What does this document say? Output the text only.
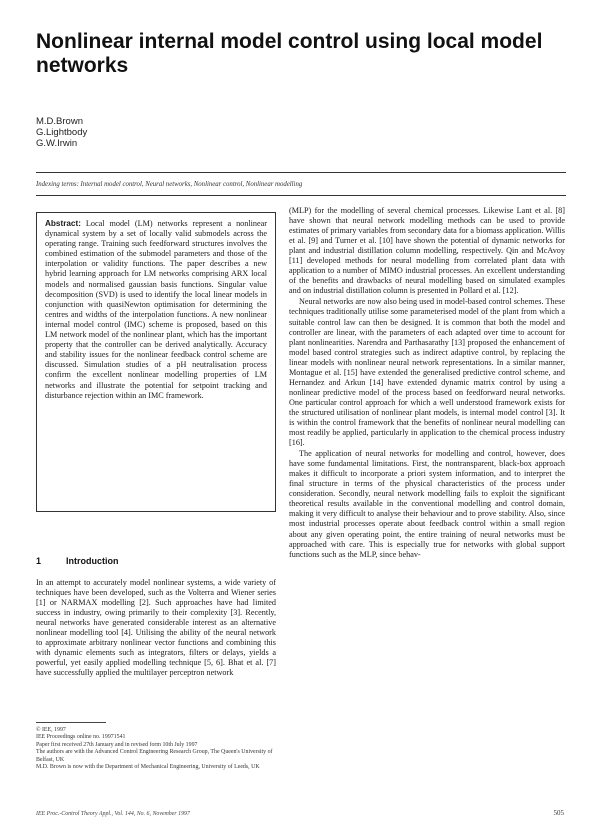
Nonlinear internal model control using local model networks
M.D.Brown
G.Lightbody
G.W.Irwin
Indexing terms: Internal model control, Neural networks, Nonlinear control, Nonlinear modelling

Abstract: Local model (LM) networks represent a nonlinear dynamical system by a set of locally valid submodels across the operating range. Training such feedforward structures involves the combined estimation of the submodel parameters and those of the interpolation or validity functions. The paper describes a new hybrid learning approach for LM networks comprising ARX local models and normalised gaussian basis functions. Singular value decomposition (SVD) is used to identify the local linear models in conjunction with quasiNewton optimisation for determining the centres and widths of the interpolation functions. A new nonlinear internal model control (IMC) scheme is proposed, based on this LM network model of the nonlinear plant, which has the important property that the controller can be derived analytically. Accuracy and stability issues for the nonlinear feedback control scheme are discussed. Simulation studies of a pH neutralisation process confirm the excellent nonlinear modelling properties of LM networks and illustrate the potential for setpoint tracking and disturbance rejection within an IMC framework.

1	Introduction

In an attempt to accurately model nonlinear systems, a wide variety of techniques have been developed, such as the Volterra and Wiener series [1] or NARMAX modelling [2]. Such approaches have had limited success in industry, owing primarily to their complexity [3]. Recently, neural networks have generated considerable interest as an alternative nonlinear modelling tool [4]. Utilising the ability of the neural network to approximate arbitrary nonlinear vector functions and combining this with dynamic elements such as integrators, filters or delays, yields a powerful, yet easily applied modelling technique [5, 6]. Bhat et al. [7] have successfully applied the multilayer perceptron network

© IEE, 1997
IEE Proceedings online no. 19971541
Paper first received 27th January and in revised form 10th July 1997
The authors are with the Advanced Control Engineering Research Group, The Queen's University of Belfast, UK
M.D. Brown is now with the Department of Mechanical Engineering, University of Leeds, UK

(MLP) for the modelling of several chemical processes. Likewise Lant et al. [8] have shown that neural network modelling methods can be used to provide estimates of primary variables from secondary data for a biomass application. Willis et al. [9] and Turner et al. [10] have shown the potential of dynamic networks for plant and industrial distillation column modelling, respectively. Qin and McAvoy [11] developed methods for neural modelling from correlated plant data with application to a number of MIMO industrial processes. An excellent understanding of the benefits and drawbacks of neural modelling based on simulated examples and on industrial distillation column is presented in Pollard et al. [12].

Neural networks are now also being used in model-based control schemes. These techniques traditionally utilise some parameterised model of the plant from which a suitable control law can then be designed. It is common that both the model and controller are linear, with the parameters of each adapted over time to account for plant nonlinearities. Narendra and Parthasarathy [13] proposed the enhancement of model based control strategies such as indirect adaptive control, by replacing the linear models with nonlinear neural network representations. In a similar manner, Montague et al. [15] have extended the generalised predictive control scheme, and Hernandez and Arkun [14] have extended dynamic matrix control by using a nonlinear predictive model of the process based on feedforward neural networks. One particular control approach for which a well understood framework exists for the structured utilisation of nonlinear plant models, is internal model control [3]. It is within the control framework that the benefits of nonlinear neural modelling can most readily be applied, particularly in application to the chemical process industry [16].

The application of neural networks for modelling and control, however, does have some fundamental limitations. First, the nontransparent, black-box approach makes it difficult to incorporate a priori system information, and to interpret the final structure in terms of the physical characteristics of the process under consideration. Secondly, neural network modelling fails to exploit the significant theoretical results available in the conventional modelling and control domain, making it very difficult to analyse their behaviour and to prove stability. Also, since most industrial processes operate about feedback control within a small region about any given operating point, the entire training of neural networks must be approached with care. This is especially true for networks with global support functions such as the MLP, since behav-

IEE Proc.-Control Theory Appl., Vol. 144, No. 6, November 1997	505
